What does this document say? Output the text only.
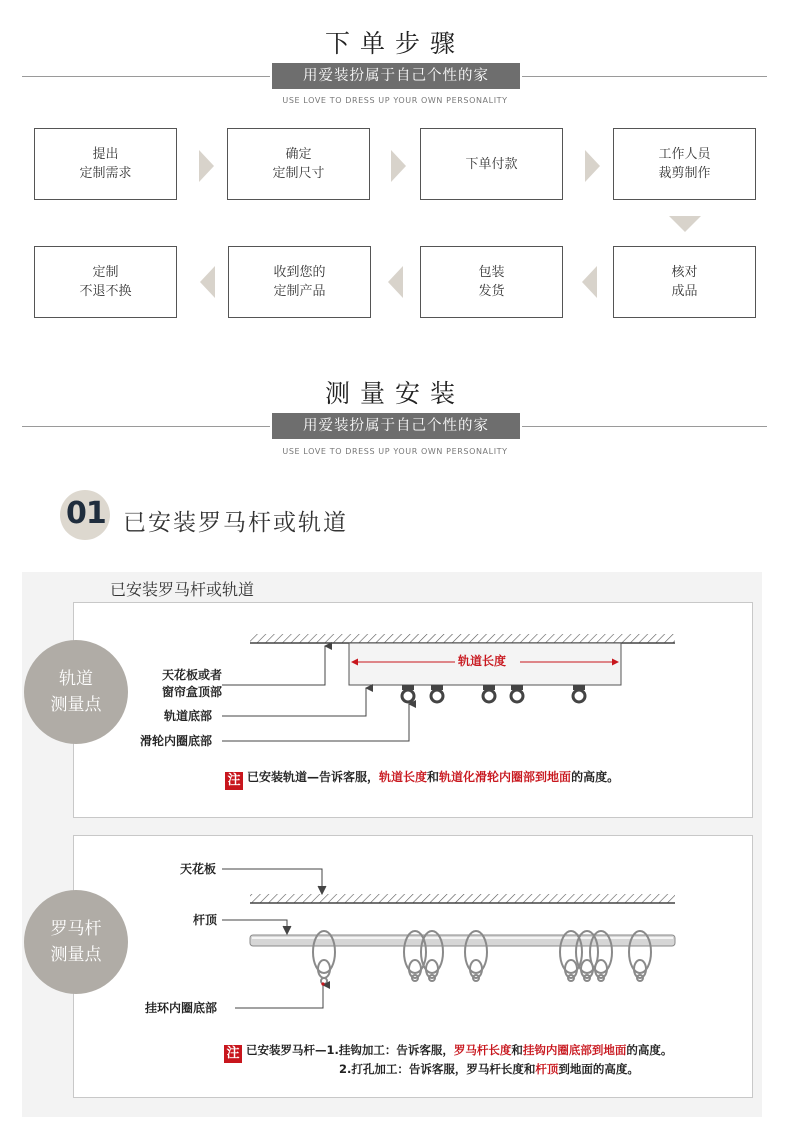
下单步骤
用爱装扮属于自己个性的家
USE LOVE TO DRESS UP YOUR OWN PERSONALITY
提出
定制需求
确定
定制尺寸
下单付款
工作人员
裁剪制作
核对
成品
包装
发货
收到您的
定制产品
定制
不退不换
测量安装
用爱装扮属于自己个性的家
USE LOVE TO DRESS UP YOUR OWN PERSONALITY
01 已安装罗马杆或轨道
已安装罗马杆或轨道
轨道
测量点
罗马杆
测量点
天花板或者
窗帘盒顶部
轨道底部
滑轮内圈底部
轨道长度
注 已安装轨道—告诉客服，轨道长度和轨道化滑轮内圈部到地面的高度。
天花板
杆顶
挂环内圈底部
注 已安装罗马杆—1.挂钩加工：告诉客服，罗马杆长度和挂钩内圈底部到地面的高度。
2.打孔加工：告诉客服，罗马杆长度和杆顶到地面的高度。
